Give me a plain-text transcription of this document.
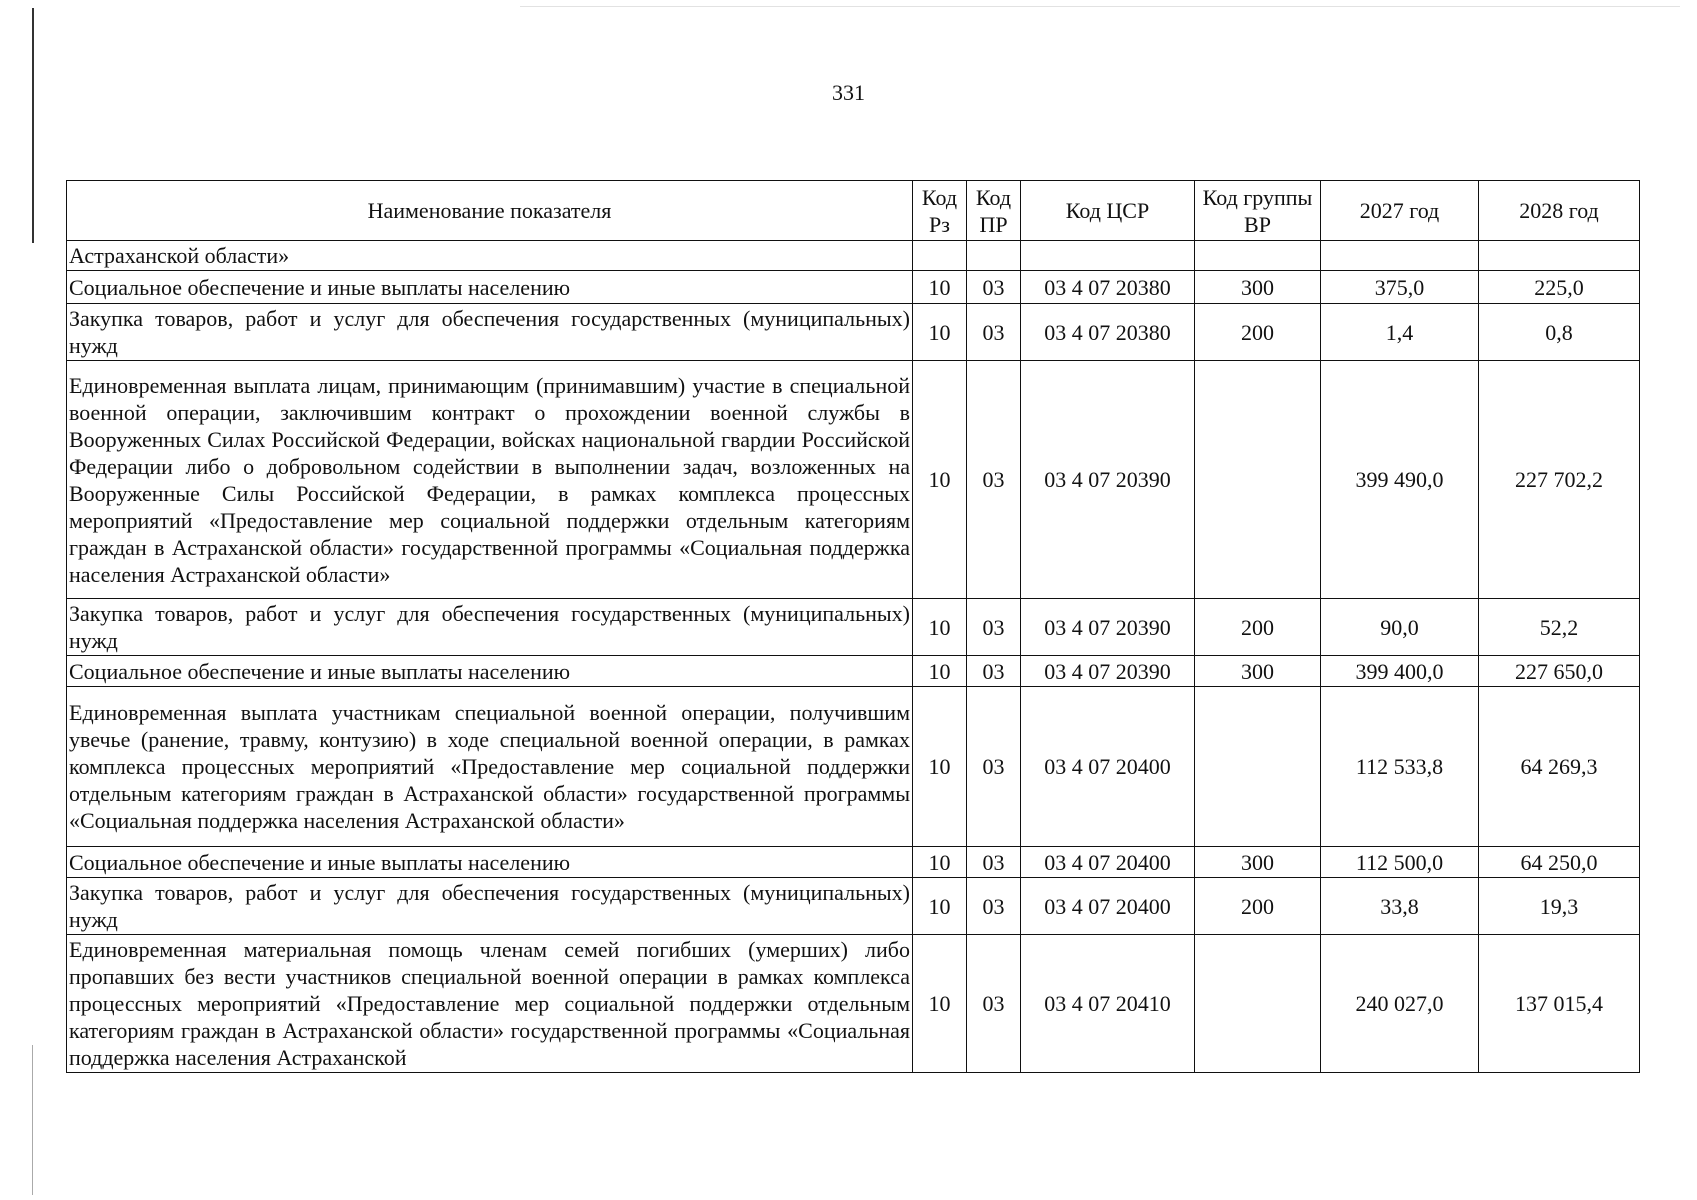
331
Наименование показателя	Код Рз	Код ПР	Код ЦСР	Код группы ВР	2027 год	2028 год
Астраханской области»						
Социальное обеспечение и иные выплаты населению	10	03	03 4 07 20380	300	375,0	225,0
Закупка товаров, работ и услуг для обеспечения государственных (муниципальных) нужд	10	03	03 4 07 20380	200	1,4	0,8
Единовременная выплата лицам, принимающим (принимавшим) участие в специальной военной операции, заключившим контракт о прохождении военной службы в Вооруженных Силах Российской Федерации, войсках национальной гвардии Российской Федерации либо о добровольном содействии в выполнении задач, возложенных на Вооруженные Силы Российской Федерации, в рамках комплекса процессных мероприятий «Предоставление мер социальной поддержки отдельным категориям граждан в Астраханской области» государственной программы «Социальная поддержка населения Астраханской области»	10	03	03 4 07 20390		399 490,0	227 702,2
Закупка товаров, работ и услуг для обеспечения государственных (муниципальных) нужд	10	03	03 4 07 20390	200	90,0	52,2
Социальное обеспечение и иные выплаты населению	10	03	03 4 07 20390	300	399 400,0	227 650,0
Единовременная выплата участникам специальной военной операции, получившим увечье (ранение, травму, контузию) в ходе специальной военной операции, в рамках комплекса процессных мероприятий «Предоставление мер социальной поддержки отдельным категориям граждан в Астраханской области» государственной программы «Социальная поддержка населения Астраханской области»	10	03	03 4 07 20400		112 533,8	64 269,3
Социальное обеспечение и иные выплаты населению	10	03	03 4 07 20400	300	112 500,0	64 250,0
Закупка товаров, работ и услуг для обеспечения государственных (муниципальных) нужд	10	03	03 4 07 20400	200	33,8	19,3
Единовременная материальная помощь членам семей погибших (умерших) либо пропавших без вести участников специальной военной операции в рамках комплекса процессных мероприятий «Предоставление мер социальной поддержки отдельным категориям граждан в Астраханской области» государственной программы «Социальная поддержка населения Астраханской	10	03	03 4 07 20410		240 027,0	137 015,4
